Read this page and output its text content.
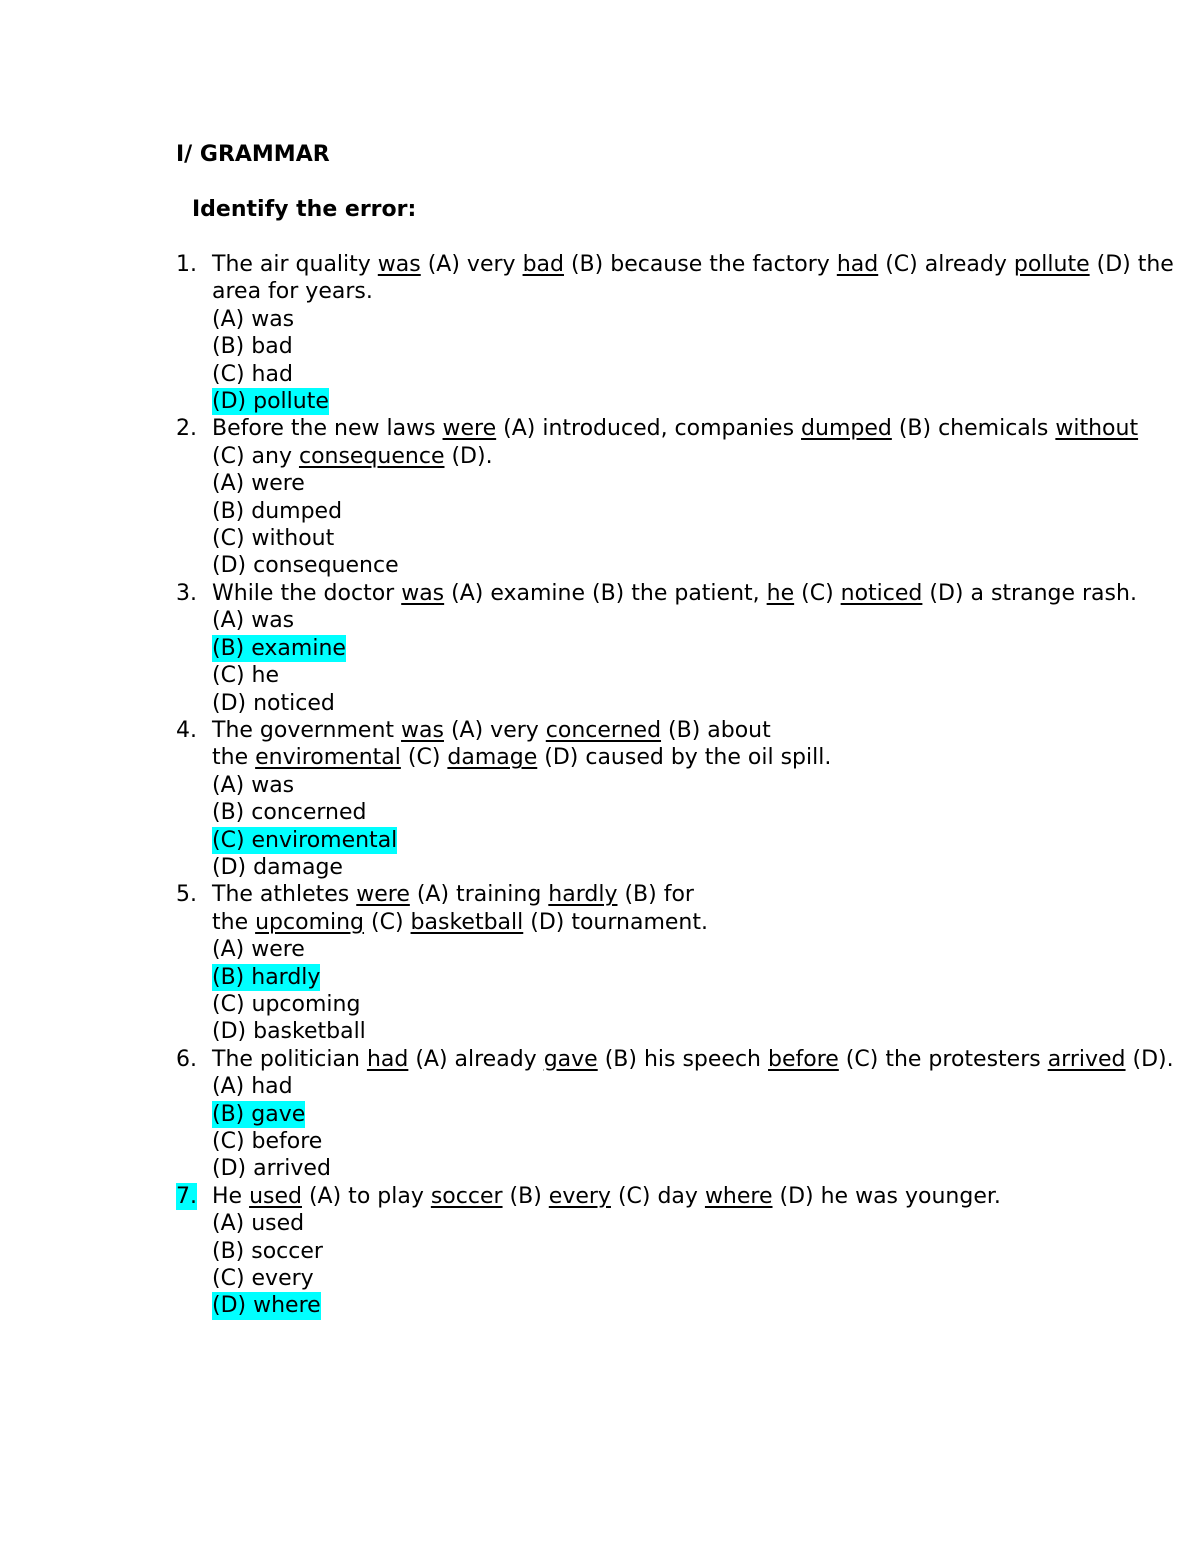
I/ GRAMMAR
Identify the error:
1. The air quality was (A) very bad (B) because the factory had (C) already pollute (D) the area for years.
(A) was
(B) bad
(C) had
(D) pollute
2. Before the new laws were (A) introduced, companies dumped (B) chemicals without (C) any consequence (D).
(A) were
(B) dumped
(C) without
(D) consequence
3. While the doctor was (A) examine (B) the patient, he (C) noticed (D) a strange rash.
(A) was
(B) examine
(C) he
(D) noticed
4. The government was (A) very concerned (B) about
the enviromental (C) damage (D) caused by the oil spill.
(A) was
(B) concerned
(C) enviromental
(D) damage
5. The athletes were (A) training hardly (B) for
the upcoming (C) basketball (D) tournament.
(A) were
(B) hardly
(C) upcoming
(D) basketball
6. The politician had (A) already gave (B) his speech before (C) the protesters arrived (D).
(A) had
(B) gave
(C) before
(D) arrived
7. He used (A) to play soccer (B) every (C) day where (D) he was younger.
(A) used
(B) soccer
(C) every
(D) where
